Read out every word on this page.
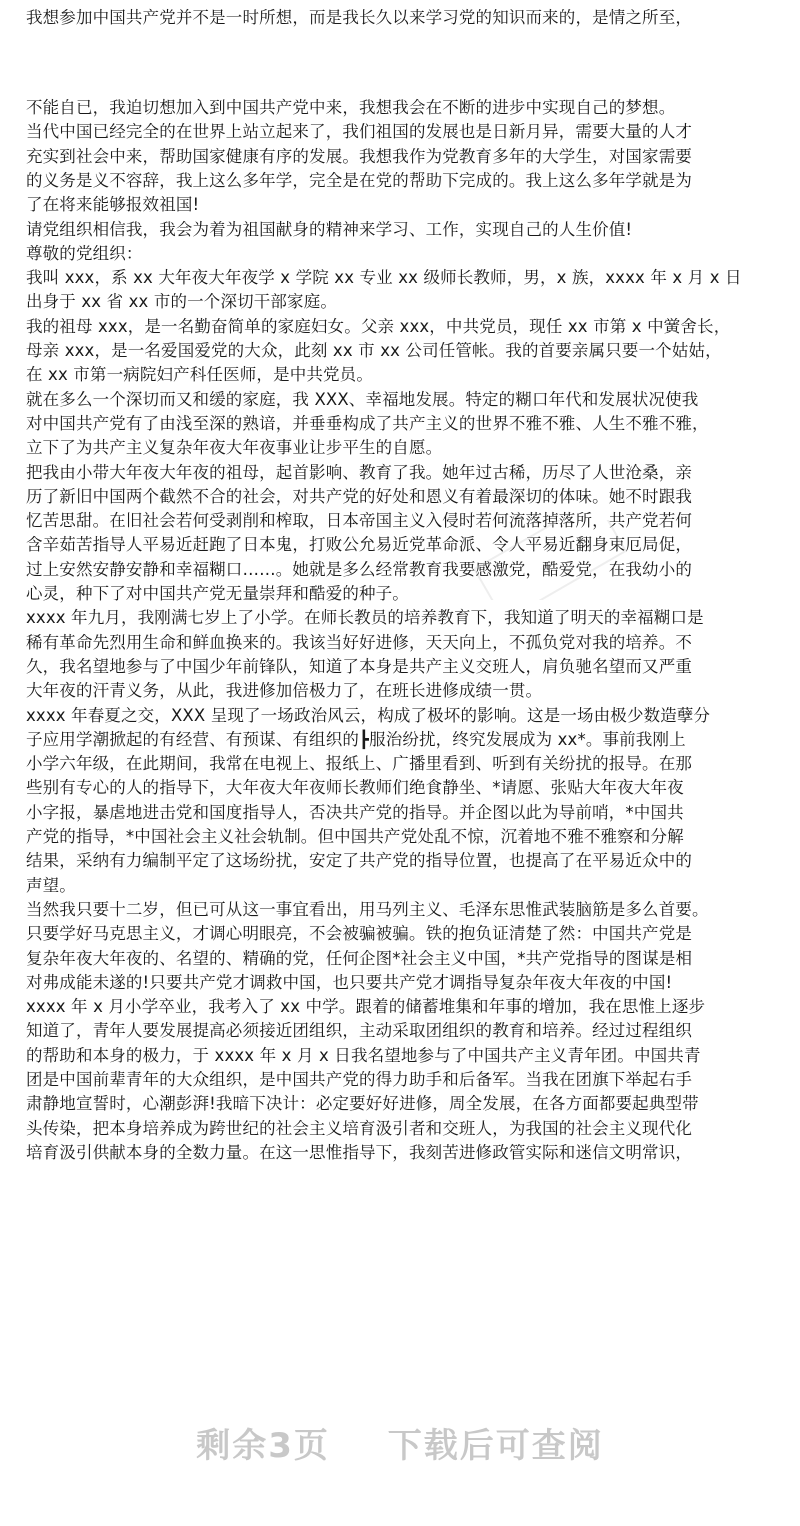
我想参加中国共产党并不是一时所想，而是我长久以来学习党的知识而来的，是情之所至，
不能自已，我迫切想加入到中国共产党中来，我想我会在不断的进步中实现自己的梦想。
当代中国已经完全的在世界上站立起来了，我们祖国的发展也是日新月异，需要大量的人才
充实到社会中来，帮助国家健康有序的发展。我想我作为党教育多年的大学生，对国家需要
的义务是义不容辞，我上这么多年学，完全是在党的帮助下完成的。我上这么多年学就是为
了在将来能够报效祖国!
请党组织相信我，我会为着为祖国献身的精神来学习、工作，实现自己的人生价值!
尊敬的党组织：
我叫 xxx，系 xx 大年夜大年夜学 x 学院 xx 专业 xx 级师长教师，男，x 族，xxxx 年 x 月 x 日
出身于 xx 省 xx 市的一个深切干部家庭。
我的祖母 xxx，是一名勤奋简单的家庭妇女。父亲 xxx，中共党员，现任 xx 市第 x 中黉舍长，
母亲 xxx，是一名爱国爱党的大众，此刻 xx 市 xx 公司任管帐。我的首要亲属只要一个姑姑，
在 xx 市第一病院妇产科任医师，是中共党员。
就在多么一个深切而又和缓的家庭，我 XXX、幸福地发展。特定的糊口年代和发展状况使我
对中国共产党有了由浅至深的熟谙，并垂垂构成了共产主义的世界不雅不雅、人生不雅不雅，
立下了为共产主义复杂年夜大年夜事业让步平生的自愿。
把我由小带大年夜大年夜的祖母，起首影响、教育了我。她年过古稀，历尽了人世沧桑，亲
历了新旧中国两个截然不合的社会，对共产党的好处和恩义有着最深切的体味。她不时跟我
忆苦思甜。在旧社会若何受剥削和榨取，日本帝国主义入侵时若何流落掉落所，共产党若何
含辛茹苦指导人平易近赶跑了日本鬼，打败公允易近党革命派、令人平易近翻身束厄局促，
过上安然安静安静和幸福糊口……。她就是多么经常教育我要感激党，酷爱党，在我幼小的
心灵，种下了对中国共产党无量崇拜和酷爱的种子。
xxxx 年九月，我刚满七岁上了小学。在师长教员的培养教育下，我知道了明天的幸福糊口是
稀有革命先烈用生命和鲜血换来的。我该当好好进修，天天向上，不孤负党对我的培养。不
久，我名望地参与了中国少年前锋队，知道了本身是共产主义交班人，肩负驰名望而又严重
大年夜的汗青义务，从此，我进修加倍极力了，在班长进修成绩一贯。
xxxx 年春夏之交，XXX 呈现了一场政治风云，构成了极坏的影响。这是一场由极少数造孽分
子应用学潮掀起的有经营、有预谋、有组织的┣服治纷扰，终究发展成为 xx*。事前我刚上
小学六年级，在此期间，我常在电视上、报纸上、广播里看到、听到有关纷扰的报导。在那
些别有专心的人的指导下，大年夜大年夜师长教师们绝食静坐、*请愿、张贴大年夜大年夜
小字报，暴虐地进击党和国度指导人，否决共产党的指导。并企图以此为导前哨，*中国共
产党的指导，*中国社会主义社会轨制。但中国共产党处乱不惊，沉着地不雅不雅察和分解
结果，采纳有力编制平定了这场纷扰，安定了共产党的指导位置，也提高了在平易近众中的
声望。
当然我只要十二岁，但已可从这一事宜看出，用马列主义、毛泽东思惟武装脑筋是多么首要。
只要学好马克思主义，才调心明眼亮，不会被骗被骗。铁的抱负证清楚了然：中国共产党是
复杂年夜大年夜的、名望的、精确的党，任何企图*社会主义中国，*共产党指导的图谋是相
对弗成能未遂的!只要共产党才调救中国，也只要共产党才调指导复杂年夜大年夜的中国!
xxxx 年 x 月小学卒业，我考入了 xx 中学。跟着的储蓄堆集和年事的增加，我在思惟上逐步
知道了，青年人要发展提高必须接近团组织，主动采取团组织的教育和培养。经过过程组织
的帮助和本身的极力，于 xxxx 年 x 月 x 日我名望地参与了中国共产主义青年团。中国共青
团是中国前辈青年的大众组织，是中国共产党的得力助手和后备军。当我在团旗下举起右手
肃静地宣誓时，心潮彭湃!我暗下决计：必定要好好进修，周全发展，在各方面都要起典型带
头传染，把本身培养成为跨世纪的社会主义培育汲引者和交班人，为我国的社会主义现代化
培育汲引供献本身的全数力量。在这一思惟指导下，我刻苦进修政管实际和迷信文明常识，
剩余3页 下载后可查阅
